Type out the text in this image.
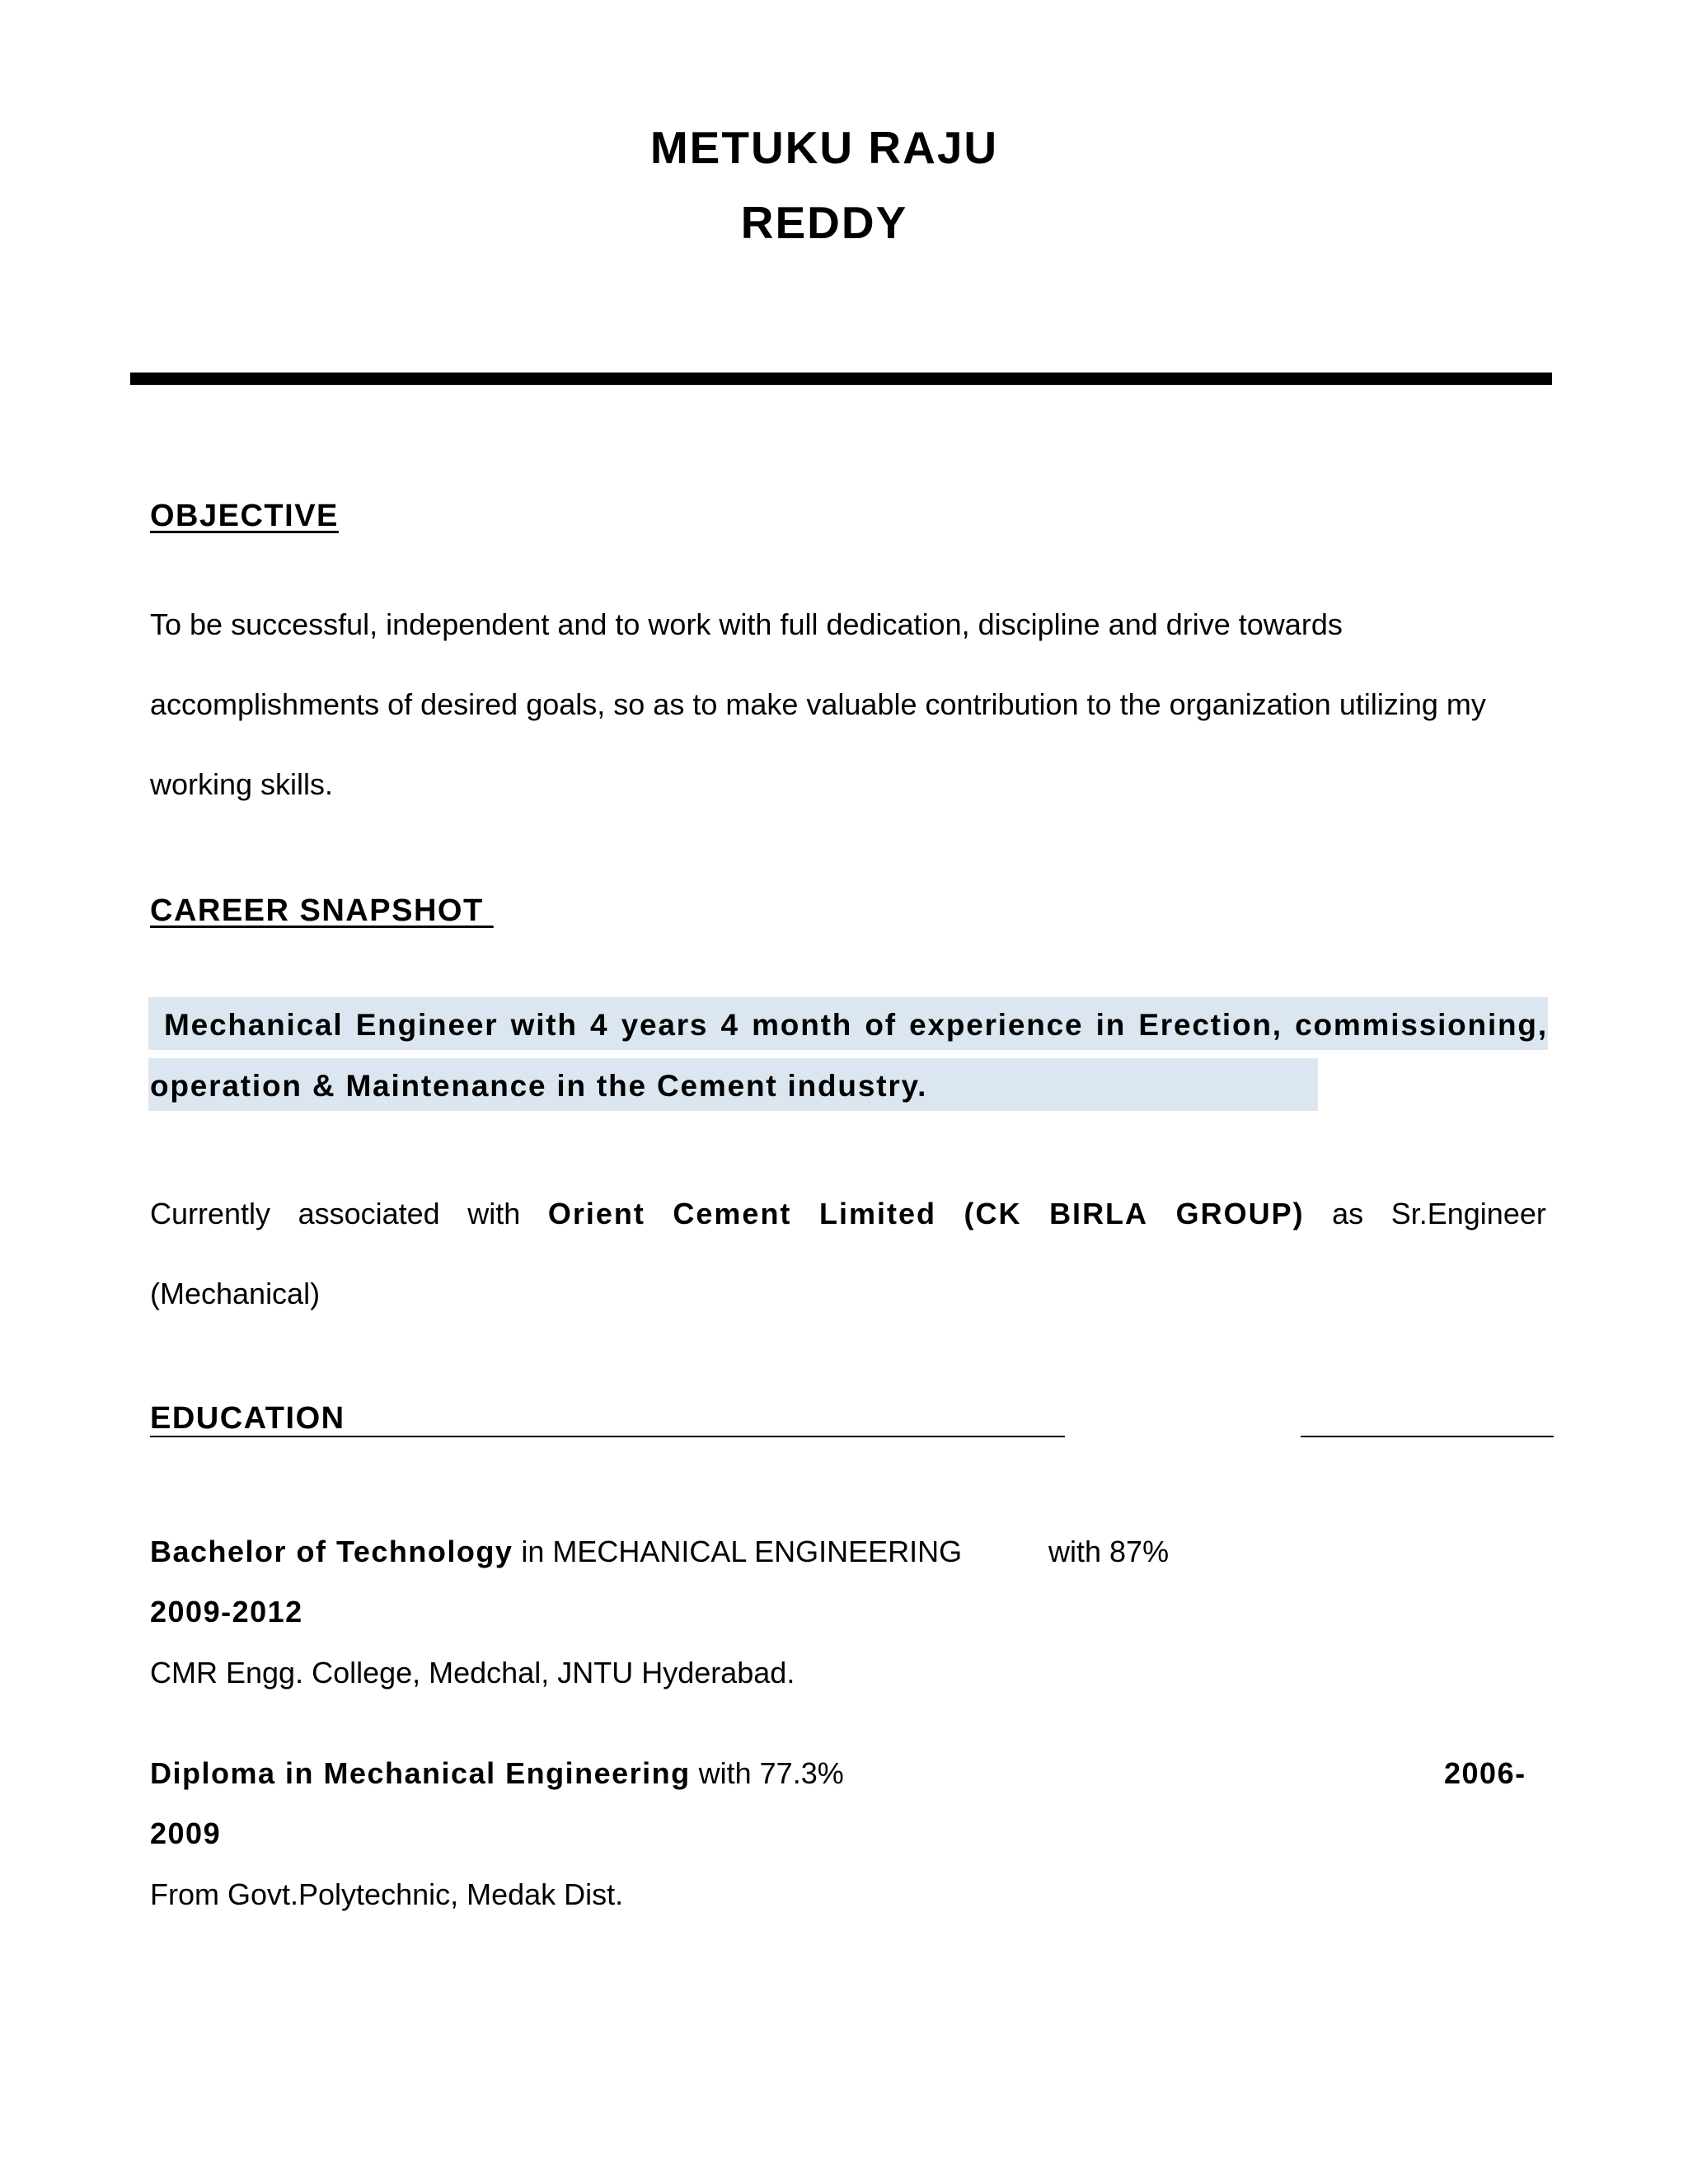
METUKU RAJU
REDDY
OBJECTIVE

To be successful, independent and to work with full dedication, discipline and drive towards

accomplishments of desired goals, so as to make valuable contribution to the organization utilizing my

working skills.

CAREER SNAPSHOT
Mechanical Engineer with 4 years 4 month of experience in Erection, commissioning,
operation & Maintenance in the Cement industry.
Currently associated with Orient Cement Limited (CK BIRLA GROUP) as Sr.Engineer
(Mechanical)
EDUCATION
Bachelor of Technology in MECHANICAL ENGINEERING	with 87%
2009-2012
CMR Engg. College, Medchal, JNTU Hyderabad.
Diploma in Mechanical Engineering with 77.3%	2006-
2009
From Govt.Polytechnic, Medak Dist.
